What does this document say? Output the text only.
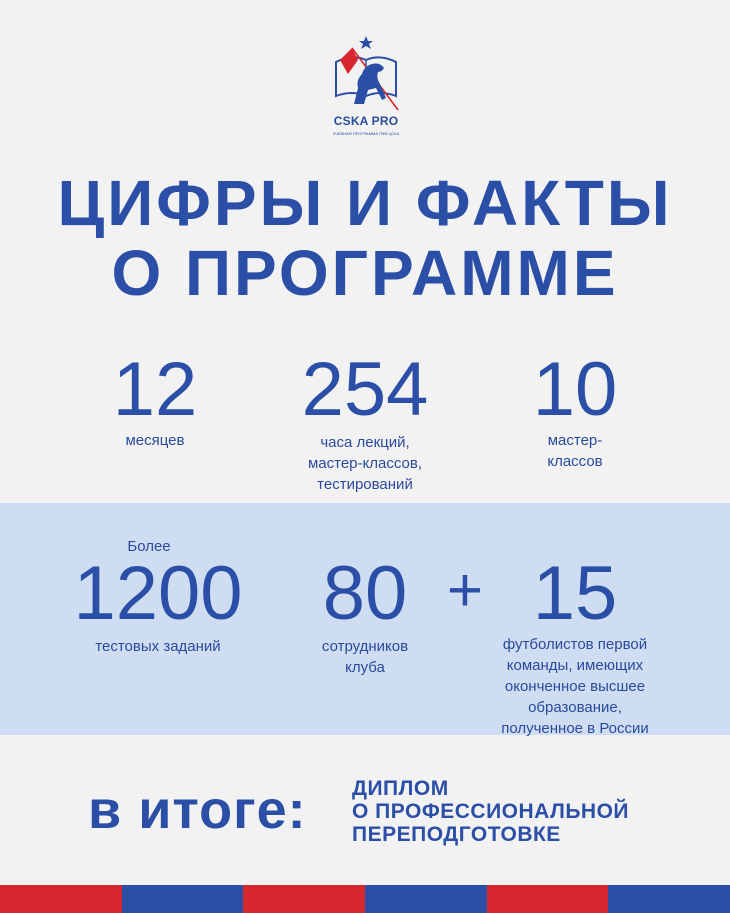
CSKA PRO
УЧЕБНАЯ ПРОГРАММА ПФК ЦСКА
ЦИФРЫ И ФАКТЫ
О ПРОГРАММЕ
12
месяцев
254
часа лекций,
мастер-классов,
тестирований
10
мастер-
классов
Более
1200
тестовых заданий
80
сотрудников
клуба
+ 15
футболистов первой
команды, имеющих
оконченное высшее
образование,
полученное в России
в итоге: ДИПЛОМ
О ПРОФЕССИОНАЛЬНОЙ
ПЕРЕПОДГОТОВКЕ
